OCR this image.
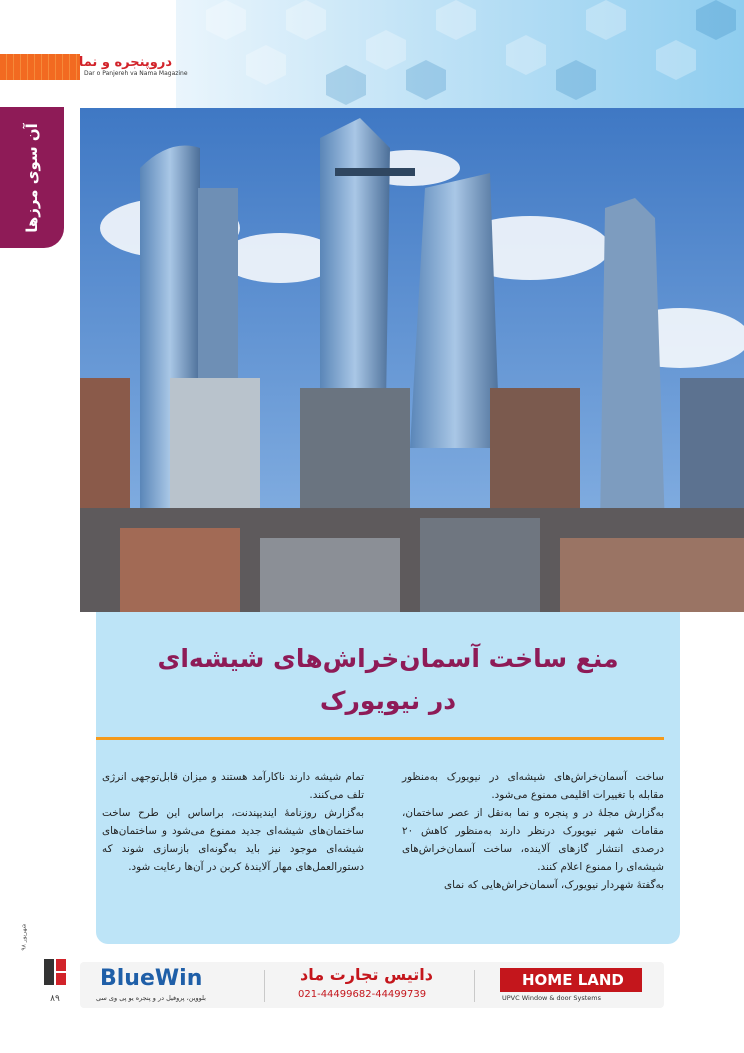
دروپنجره و نما
Dar o Panjereh va Nama Magazine
آن سوی مرزها
منع ساخت آسمان‌خراش‌های شیشه‌ای
در نیویورک

ساخت آسمان‌خراش‌های شیشه‌ای در نیویورک به‌منظور مقابله با تغییرات اقلیمی ممنوع می‌شود.

به‌گزارش مجلۀ در و پنجره و نما به‌نقل از عصر ساختمان، مقامات شهر نیویورک درنظر دارند به‌منظور کاهش ۲۰ درصدی انتشار گازهای آلاینده، ساخت آسمان‌خراش‌های شیشه‌ای را ممنوع اعلام کنند.

به‌گفتۀ شهردار نیویورک، آسمان‌خراش‌هایی که نمای

تمام شیشه دارند ناکارآمد هستند و میزان قابل‌توجهی انرژی تلف می‌کنند.

به‌گزارش روزنامۀ ایندیپندنت، براساس این طرح ساخت ساختمان‌های شیشه‌ای جدید ممنوع می‌شود و ساختمان‌های شیشه‌ای موجود نیز باید به‌گونه‌ای بازسازی شوند که دستورالعمل‌های مهار آلایندۀ کربن در آن‌ها رعایت شود.

شهریور ۹۸
۸۹
BlueWin
بلووین، پروفیل در و پنجره یو پی وی سی
داتیس تجارت ماد
021-44499682-44499739
HOME LAND
UPVC Window & door Systems
